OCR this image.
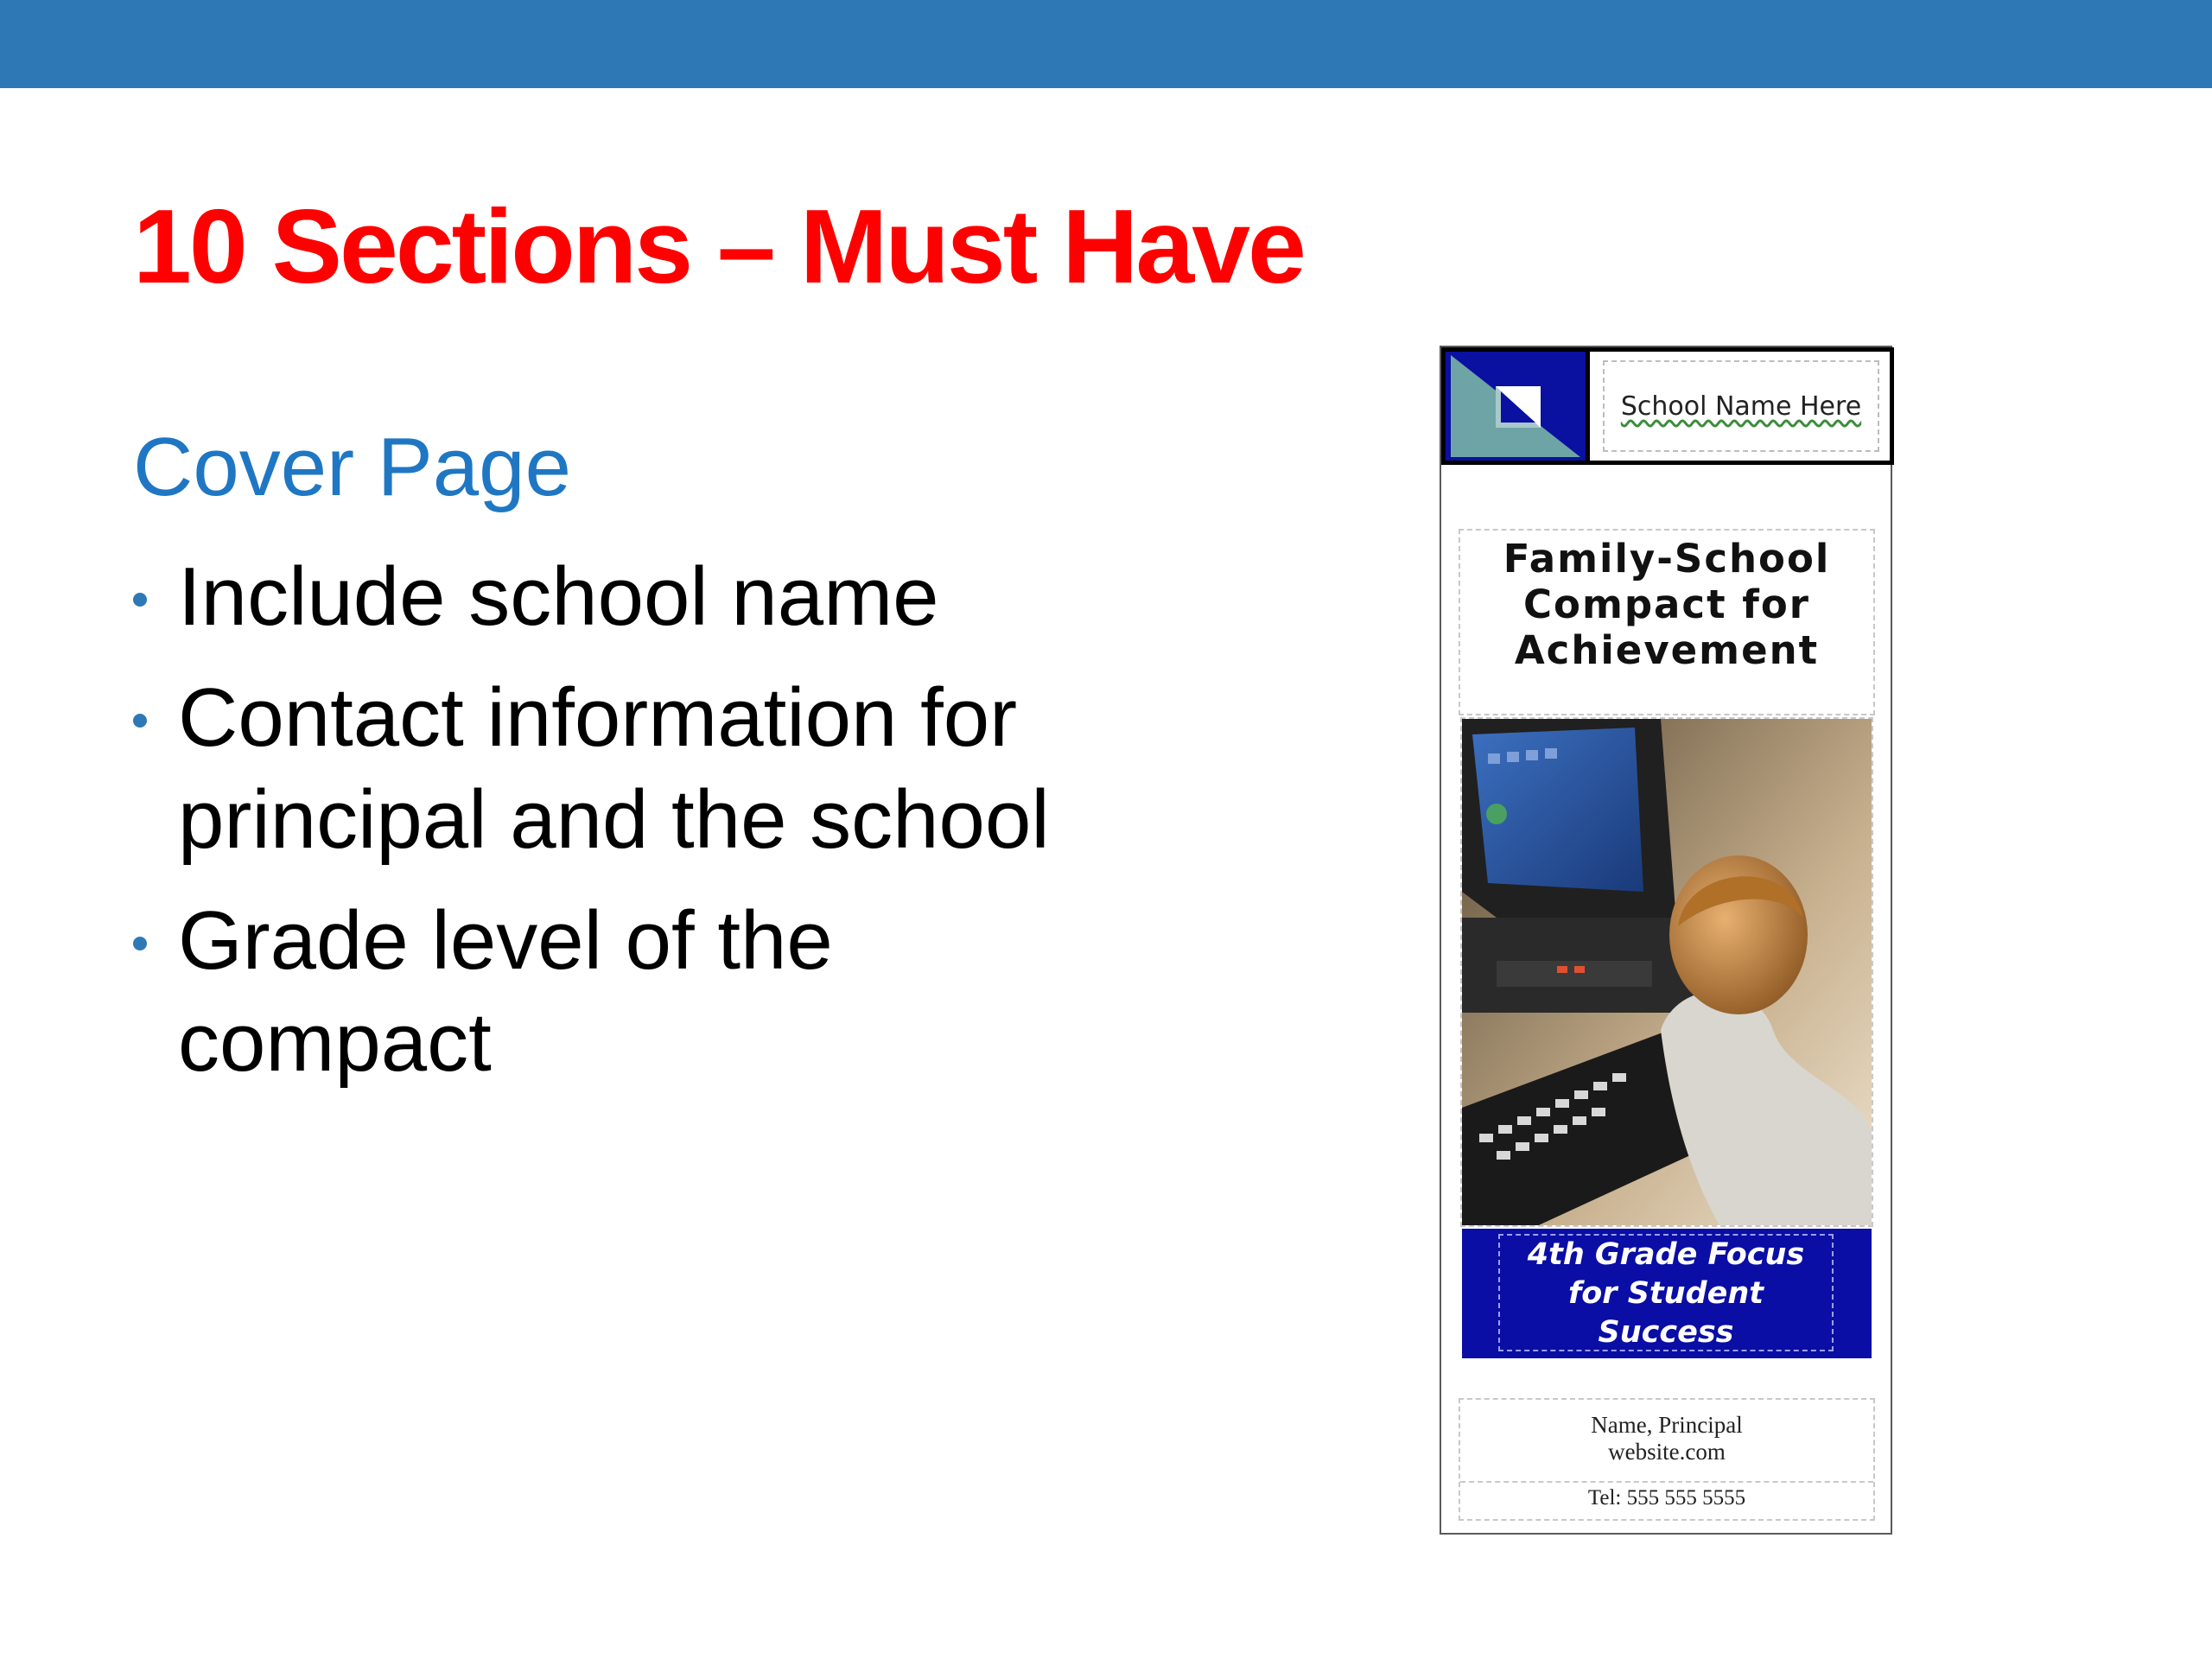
10 Sections – Must Have
Cover Page
Include school name
Contact information for principal and the school
Grade level of the compact
School Name Here
Family-School
Compact for
Achievement
4th Grade Focus
for Student
Success
Name, Principal
website.com
Tel: 555 555 5555
